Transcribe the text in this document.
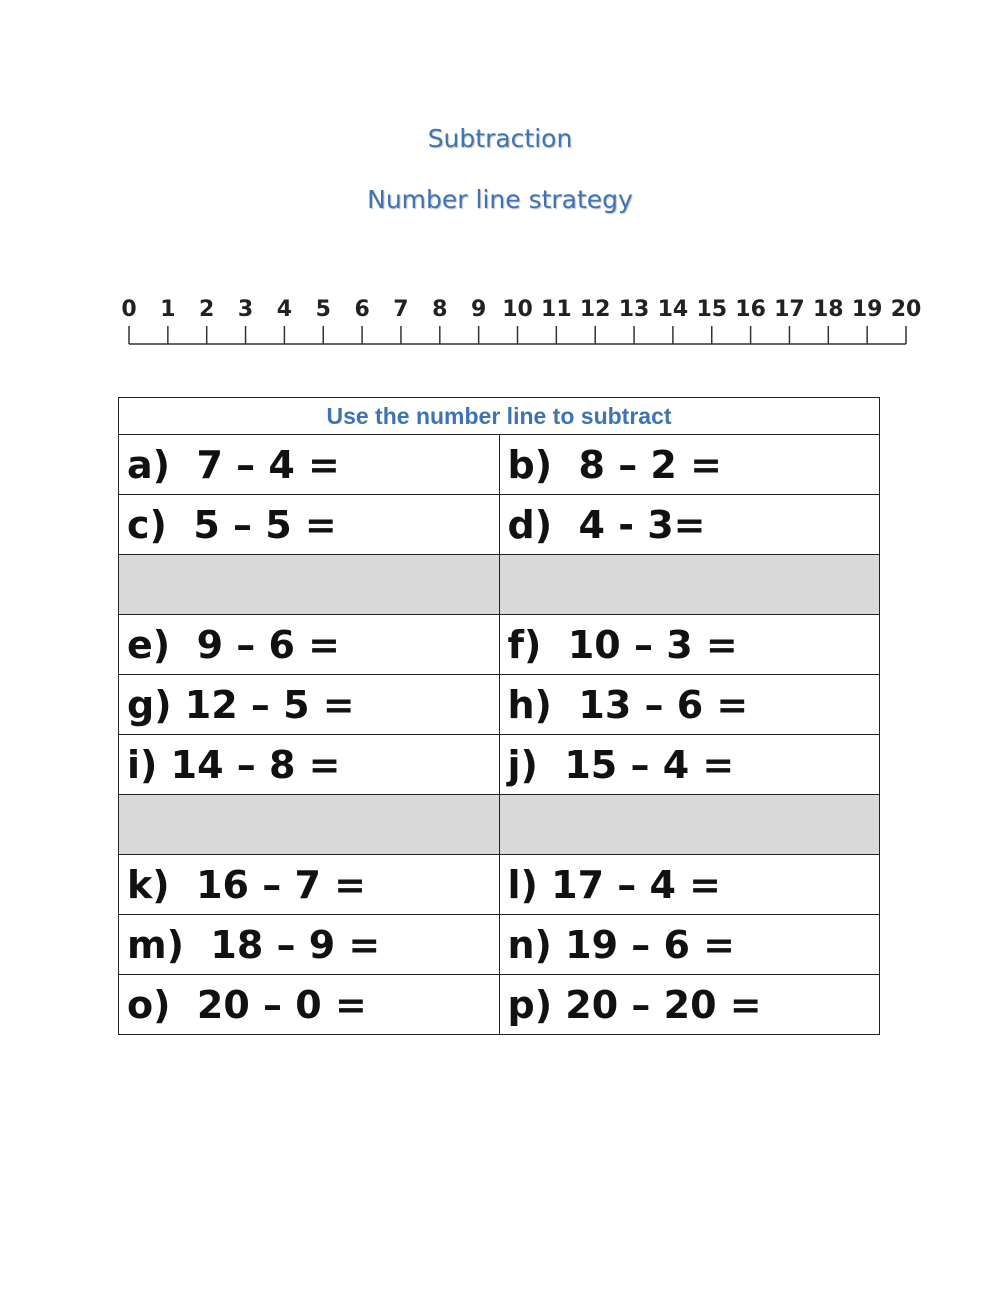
Subtraction
Number line strategy
0 1 2 3 4 5 6 7 8 9 10 11 12 13 14 15 16 17 18 19 20
Use the number line to subtract	
a)  7 – 4 =	b)  8 – 2 =
c)  5 – 5 =	d)  4 - 3=

e)  9 – 6 =	f)  10 – 3 =
g) 12 – 5 =	h)  13 – 6 =
i) 14 – 8 =	j)  15 – 4 =

k)  16 – 7 =	l) 17 – 4 =
m)  18 – 9 =	n) 19 – 6 =
o)  20 – 0 =	p) 20 – 20 =
